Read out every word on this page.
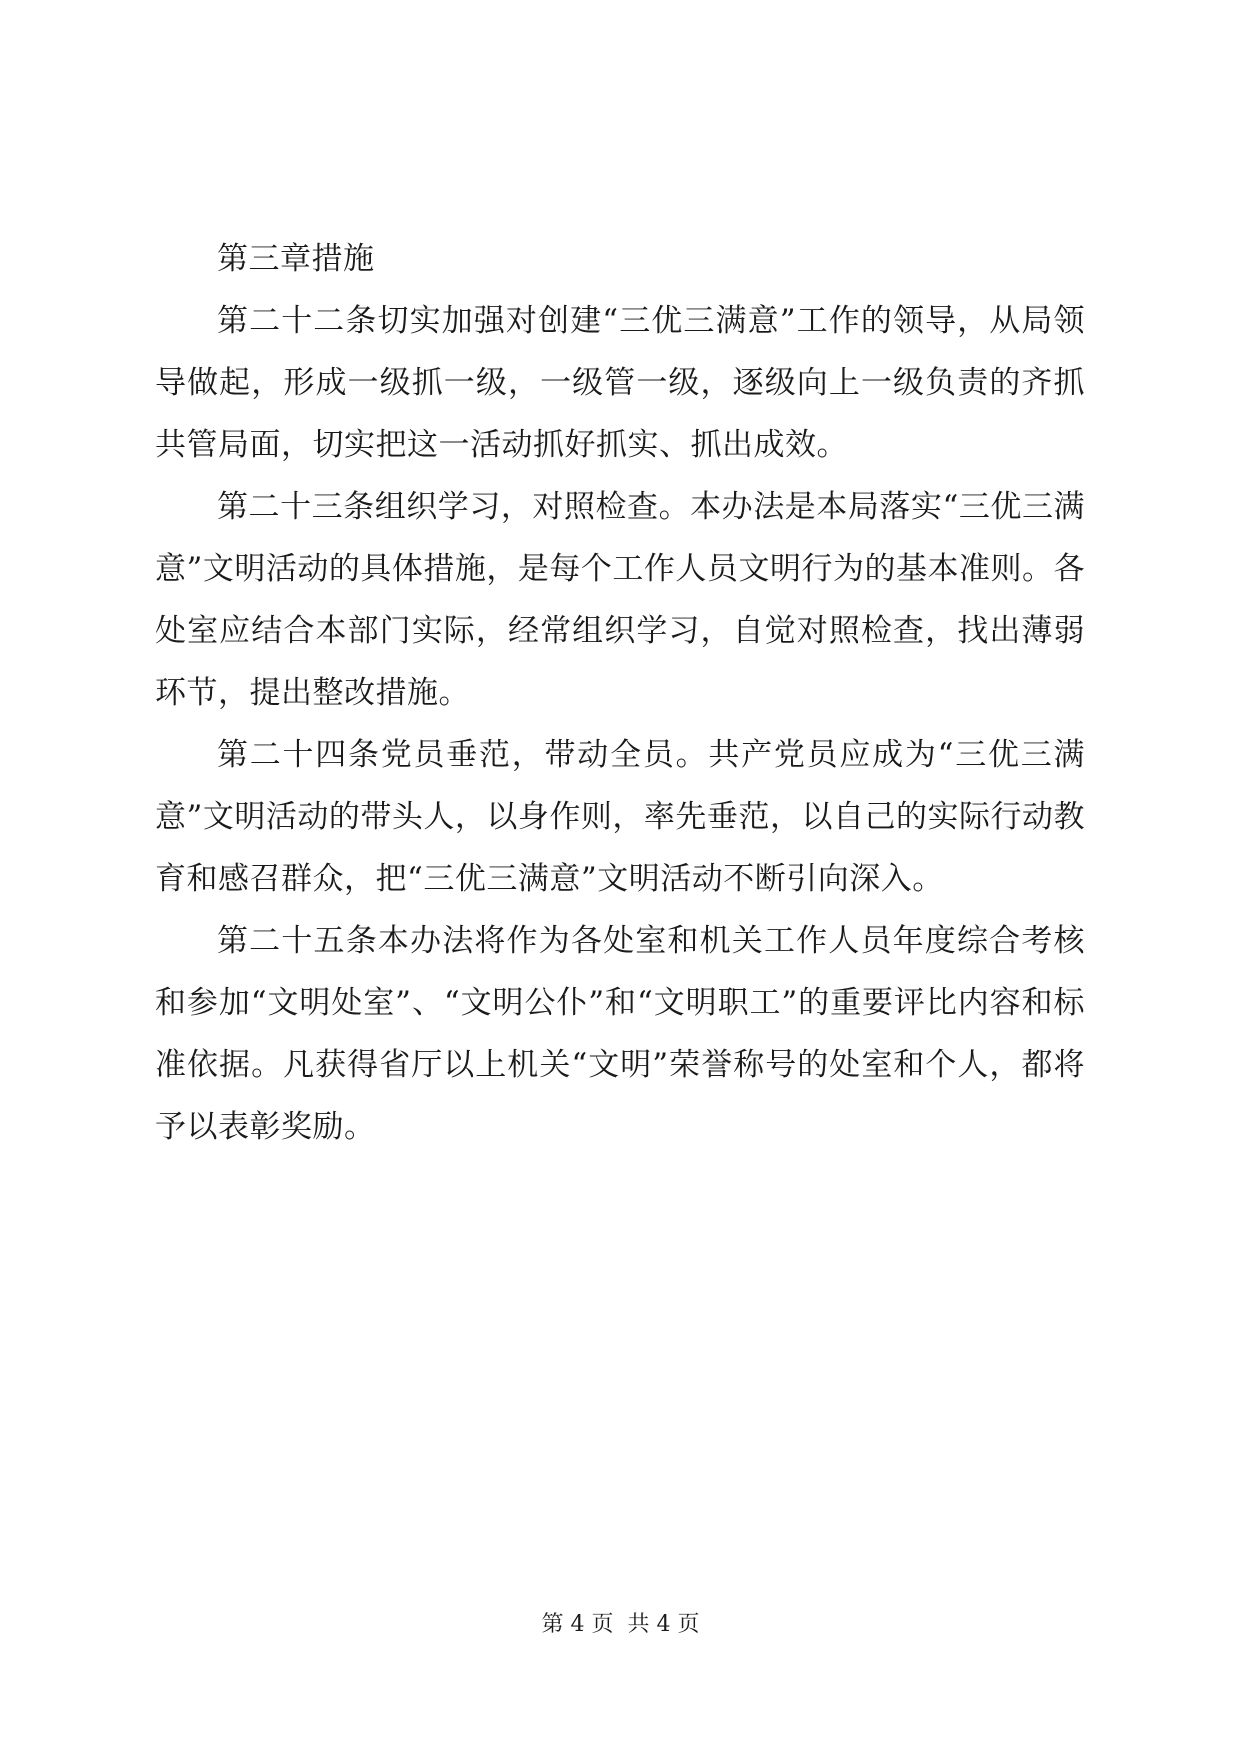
第三章措施

第二十二条切实加强对创建“三优三满意”工作的领导，从局领导做起，形成一级抓一级，一级管一级，逐级向上一级负责的齐抓共管局面，切实把这一活动抓好抓实、抓出成效。

第二十三条组织学习，对照检查。本办法是本局落实“三优三满意”文明活动的具体措施，是每个工作人员文明行为的基本准则。各处室应结合本部门实际，经常组织学习，自觉对照检查，找出薄弱环节，提出整改措施。

第二十四条党员垂范，带动全员。共产党员应成为“三优三满意”文明活动的带头人，以身作则，率先垂范，以自己的实际行动教育和感召群众，把“三优三满意”文明活动不断引向深入。

第二十五条本办法将作为各处室和机关工作人员年度综合考核和参加“文明处室”、“文明公仆”和“文明职工”的重要评比内容和标准依据。凡获得省厅以上机关“文明”荣誉称号的处室和个人，都将予以表彰奖励。

第 4 页  共 4 页
